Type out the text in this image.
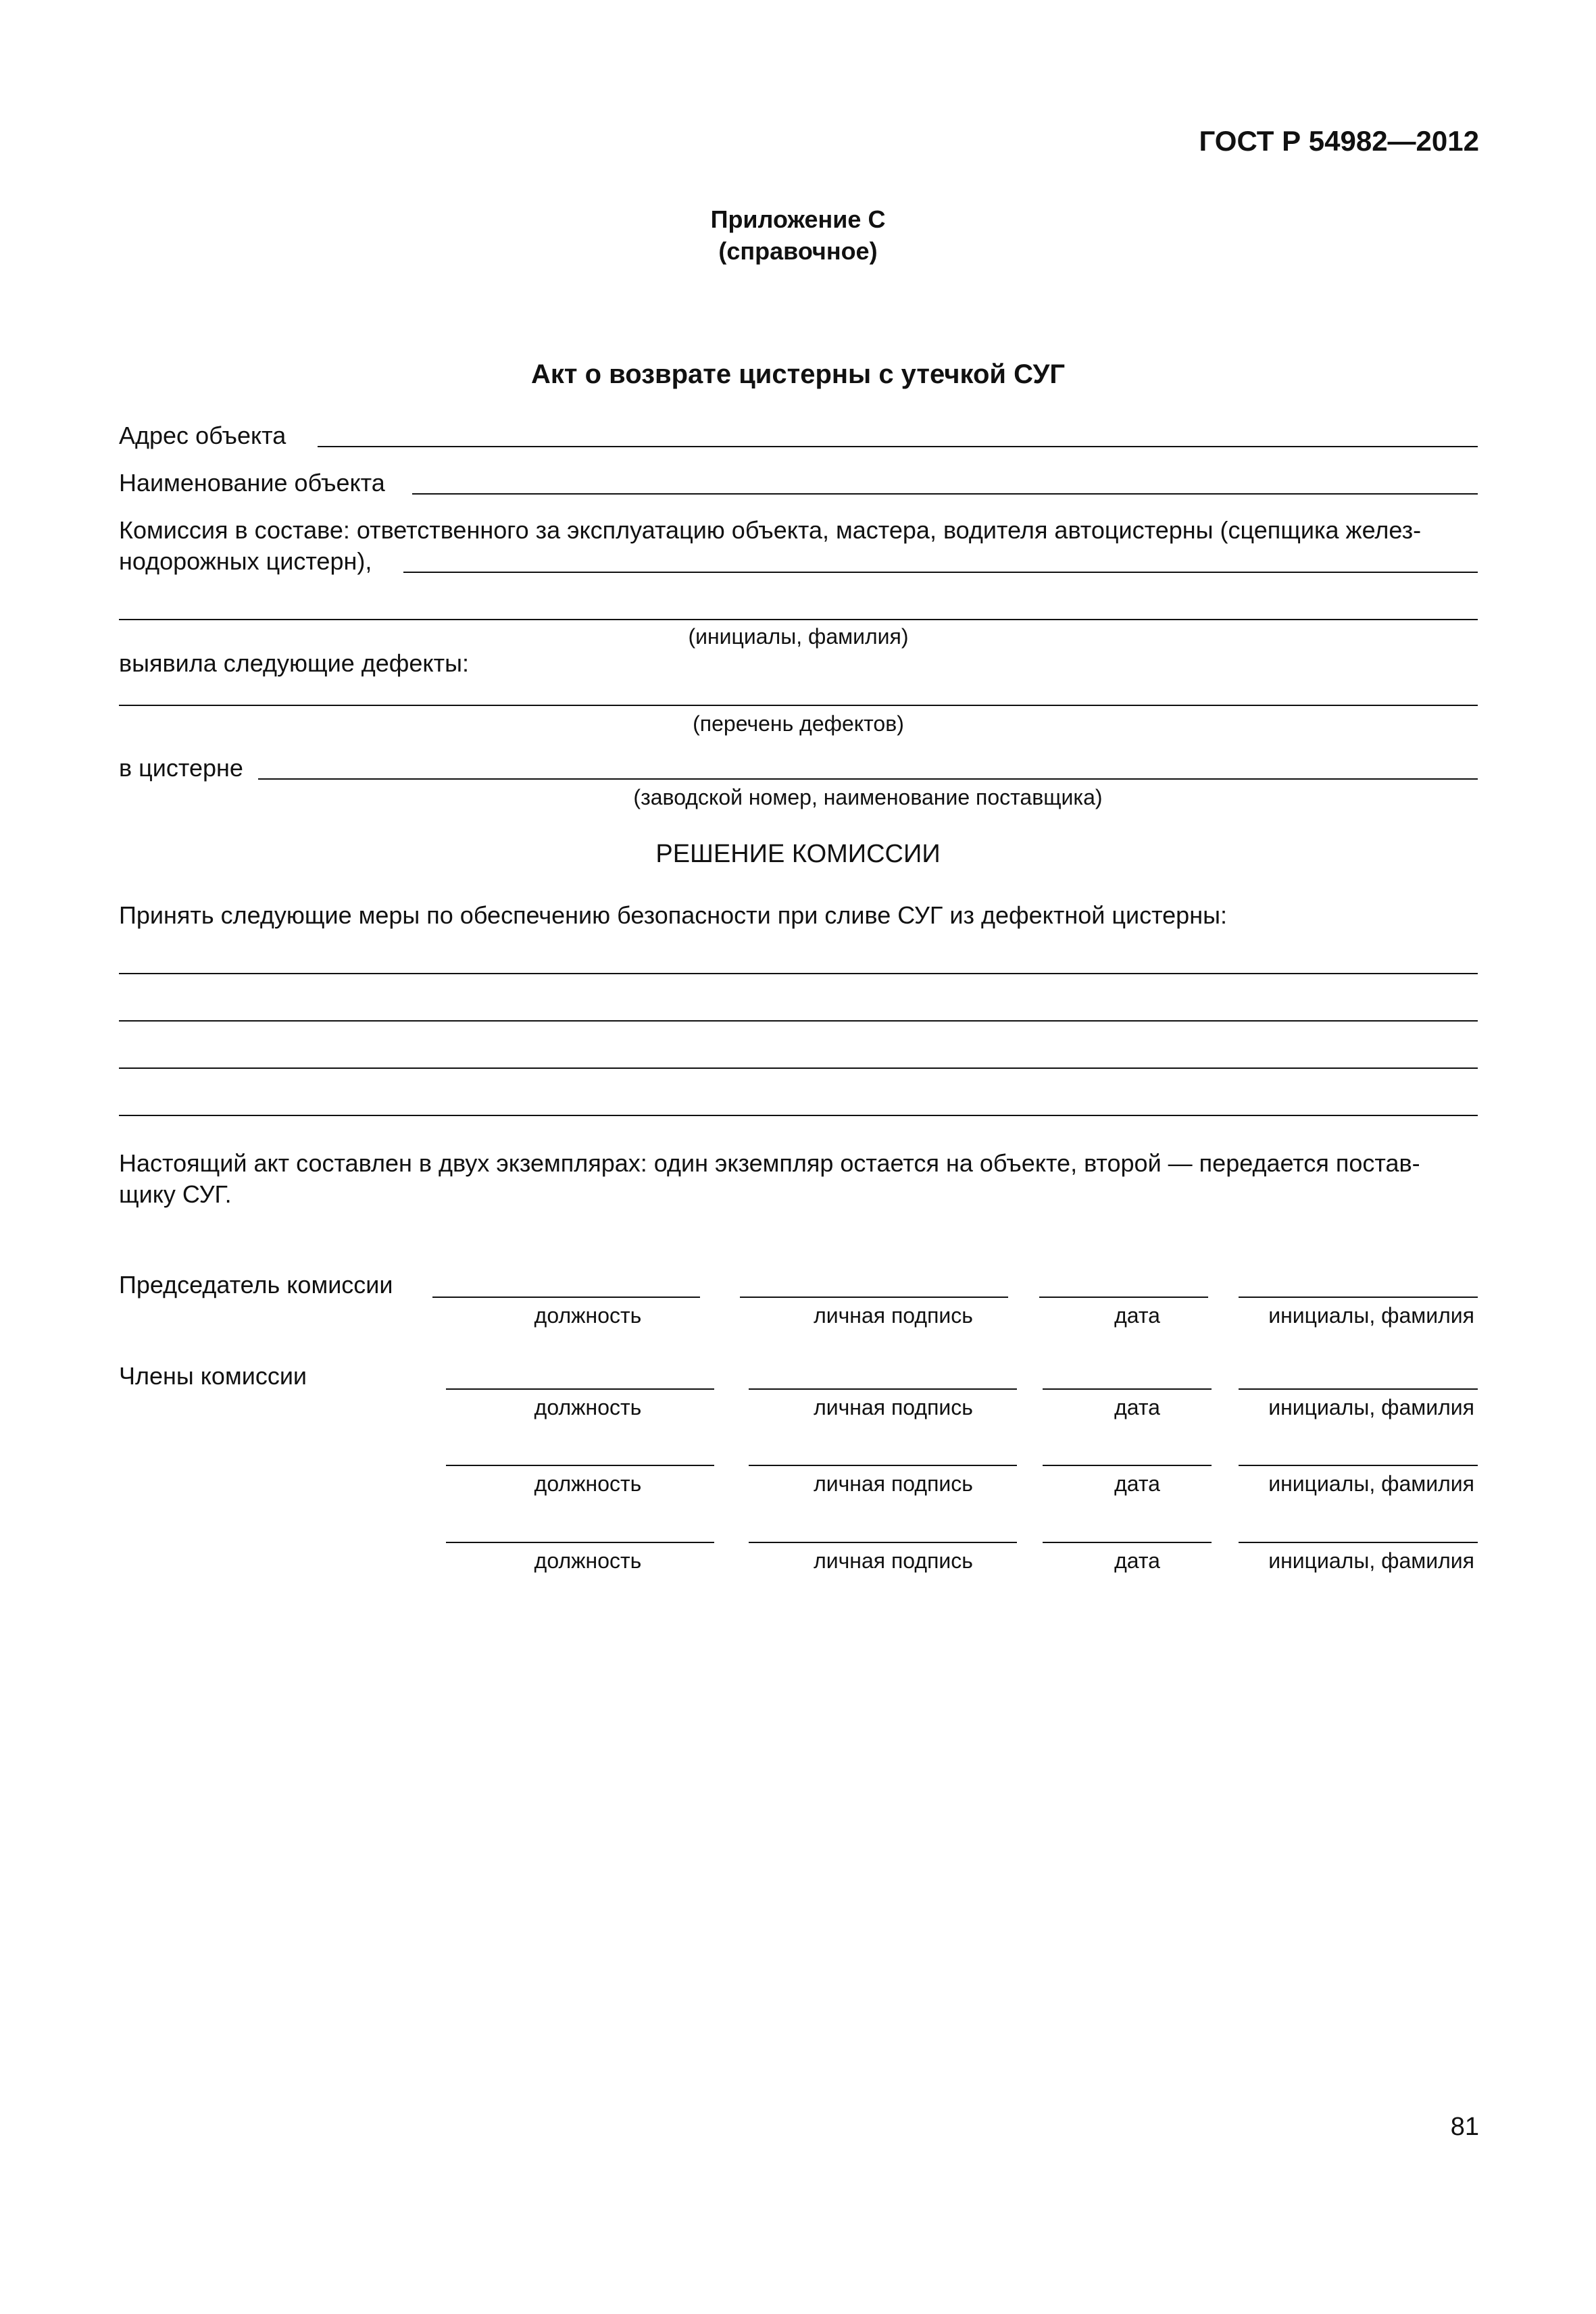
ГОСТ Р 54982—2012
Приложение С
(справочное)
Акт о возврате цистерны с утечкой СУГ
Адрес объекта
Наименование объекта
Комиссия в составе: ответственного за эксплуатацию объекта, мастера, водителя автоцистерны (сцепщика желез-
нодорожных цистерн),
(инициалы, фамилия)
выявила следующие дефекты:
(перечень дефектов)
в цистерне
(заводской номер, наименование поставщика)
РЕШЕНИЕ КОМИССИИ
Принять следующие меры по обеспечению безопасности при сливе СУГ из дефектной цистерны:
Настоящий акт составлен в двух экземплярах: один экземпляр остается на объекте, второй — передается постав-
щику СУГ.
Председатель комиссии
должность	личная подпись	дата	инициалы, фамилия
Члены комиссии
должность	личная подпись	дата	инициалы, фамилия
должность	личная подпись	дата	инициалы, фамилия
должность	личная подпись	дата	инициалы, фамилия
81
